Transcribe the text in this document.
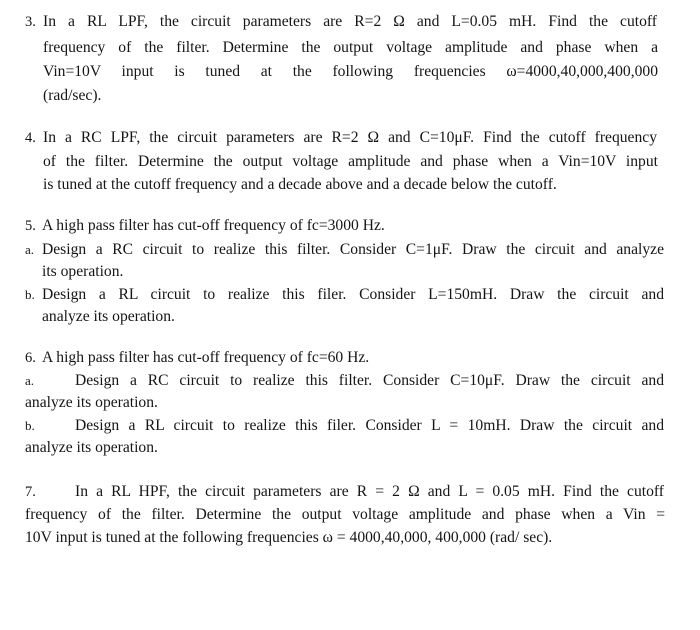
3. In a RL LPF, the circuit parameters are R=2 Ω and L=0.05 mH. Find the cutoff
frequency of the filter. Determine the output voltage amplitude and phase when a
Vin=10V input is tuned at the following frequencies ω=4000,40,000,400,000
(rad/sec).
4. In a RC LPF, the circuit parameters are R=2 Ω and C=10μF. Find the cutoff frequency
of the filter. Determine the output voltage amplitude and phase when a Vin=10V input
is tuned at the cutoff frequency and a decade above and a decade below the cutoff.
5. A high pass filter has cut-off frequency of fc=3000 Hz.
a. Design a RC circuit to realize this filter. Consider C=1μF. Draw the circuit and analyze
its operation.
b. Design a RL circuit to realize this filer. Consider L=150mH. Draw the circuit and
analyze its operation.
6. A high pass filter has cut-off frequency of fc=60 Hz.
a.	Design a RC circuit to realize this filter. Consider C=10μF. Draw the circuit and
analyze its operation.
b.	Design a RL circuit to realize this filer. Consider L = 10mH. Draw the circuit and
analyze its operation.
7.	In a RL HPF, the circuit parameters are R = 2 Ω and L = 0.05 mH. Find the cutoff
frequency of the filter. Determine the output voltage amplitude and phase when a Vin =
10V input is tuned at the following frequencies ω = 4000,40,000, 400,000 (rad/ sec).
